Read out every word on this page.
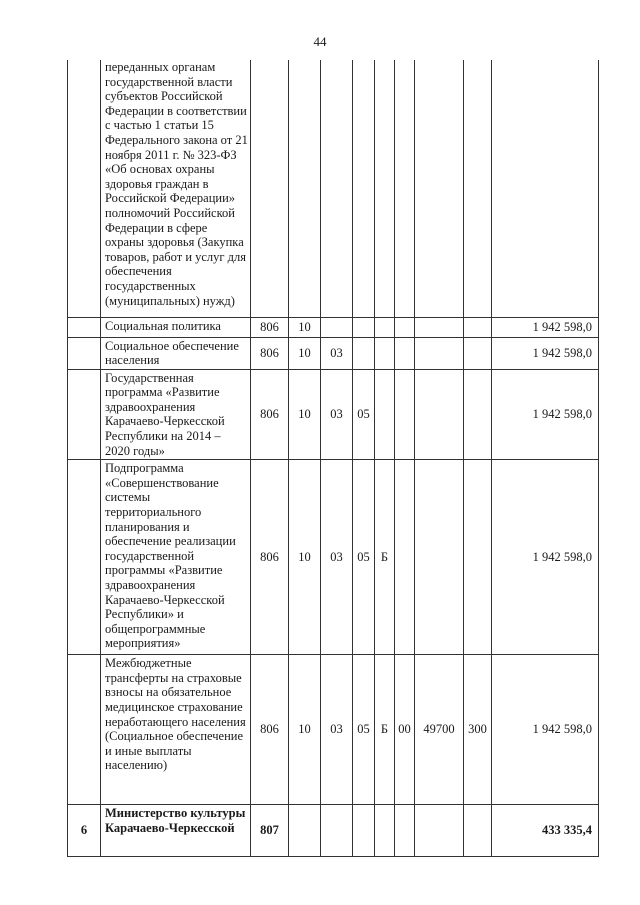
44
	переданных органам государственной власти субъектов Российской Федерации в соответствии с частью 1 статьи 15 Федерального закона от 21 ноября 2011 г. № 323-ФЗ «Об основах охраны здоровья граждан в Российской Федерации» полномочий Российской Федерации в сфере охраны здоровья (Закупка товаров, работ и услуг для обеспечения государственных (муниципальных) нужд)									
	Социальная политика	806	10							1 942 598,0
	Социальное обеспечение населения	806	10	03						1 942 598,0
	Государственная программа «Развитие здравоохранения Карачаево-Черкесской Республики на 2014 – 2020 годы»	806	10	03	05					1 942 598,0
	Подпрограмма «Совершенствование системы территориального планирования и обеспечение реализации государственной программы «Развитие здравоохранения Карачаево-Черкесской Республики» и общепрограммные мероприятия»	806	10	03	05	Б				1 942 598,0
	Межбюджетные трансферты на страховые взносы на обязательное медицинское страхование неработающего населения (Социальное обеспечение и иные выплаты населению)	806	10	03	05	Б	00	49700	300	1 942 598,0
6	Министерство культуры Карачаево-Черкесской	807								433 335,4
